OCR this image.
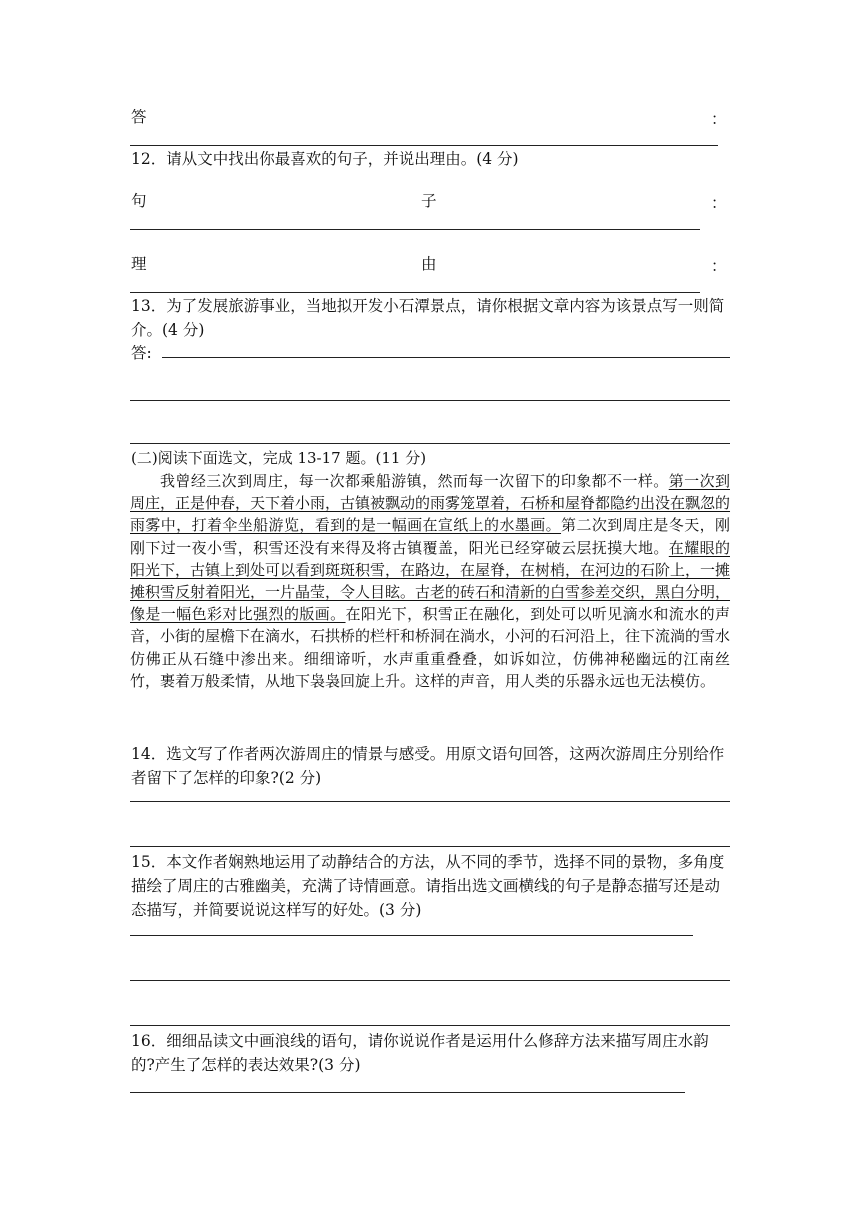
答	：
12．请从文中找出你最喜欢的句子，并说出理由。(4 分)
句	子	：
理	由	：
13．为了发展旅游事业，当地拟开发小石潭景点，请你根据文章内容为该景点写一则简介。(4 分)
答:
(二)阅读下面选文，完成 13-17 题。(11 分)

我曾经三次到周庄，每一次都乘船游镇，然而每一次留下的印象都不一样。第一次到周庄，正是仲春，天下着小雨，古镇被飘动的雨雾笼罩着，石桥和屋脊都隐约出没在飘忽的雨雾中，打着伞坐船游览，看到的是一幅画在宣纸上的水墨画。第二次到周庄是冬天，刚刚下过一夜小雪，积雪还没有来得及将古镇覆盖，阳光已经穿破云层抚摸大地。在耀眼的阳光下，古镇上到处可以看到斑斑积雪，在路边，在屋脊，在树梢，在河边的石阶上，一摊摊积雪反射着阳光，一片晶莹，令人目眩。古老的砖石和清新的白雪参差交织，黑白分明，像是一幅色彩对比强烈的版画。在阳光下，积雪正在融化，到处可以听见滴水和流水的声音，小街的屋檐下在滴水，石拱桥的栏杆和桥洞在淌水，小河的石河沿上，往下流淌的雪水仿佛正从石缝中渗出来。细细谛听，水声重重叠叠，如诉如泣，仿佛神秘幽远的江南丝竹，裹着万般柔情，从地下袅袅回旋上升。这样的声音，用人类的乐器永远也无法模仿。

14．选文写了作者两次游周庄的情景与感受。用原文语句回答，这两次游周庄分别给作者留下了怎样的印象?(2 分)
15．本文作者娴熟地运用了动静结合的方法，从不同的季节，选择不同的景物，多角度描绘了周庄的古雅幽美，充满了诗情画意。请指出选文画横线的句子是静态描写还是动态描写，并简要说说这样写的好处。(3 分)
16．细细品读文中画浪线的语句，请你说说作者是运用什么修辞方法来描写周庄水韵的?产生了怎样的表达效果?(3 分)
